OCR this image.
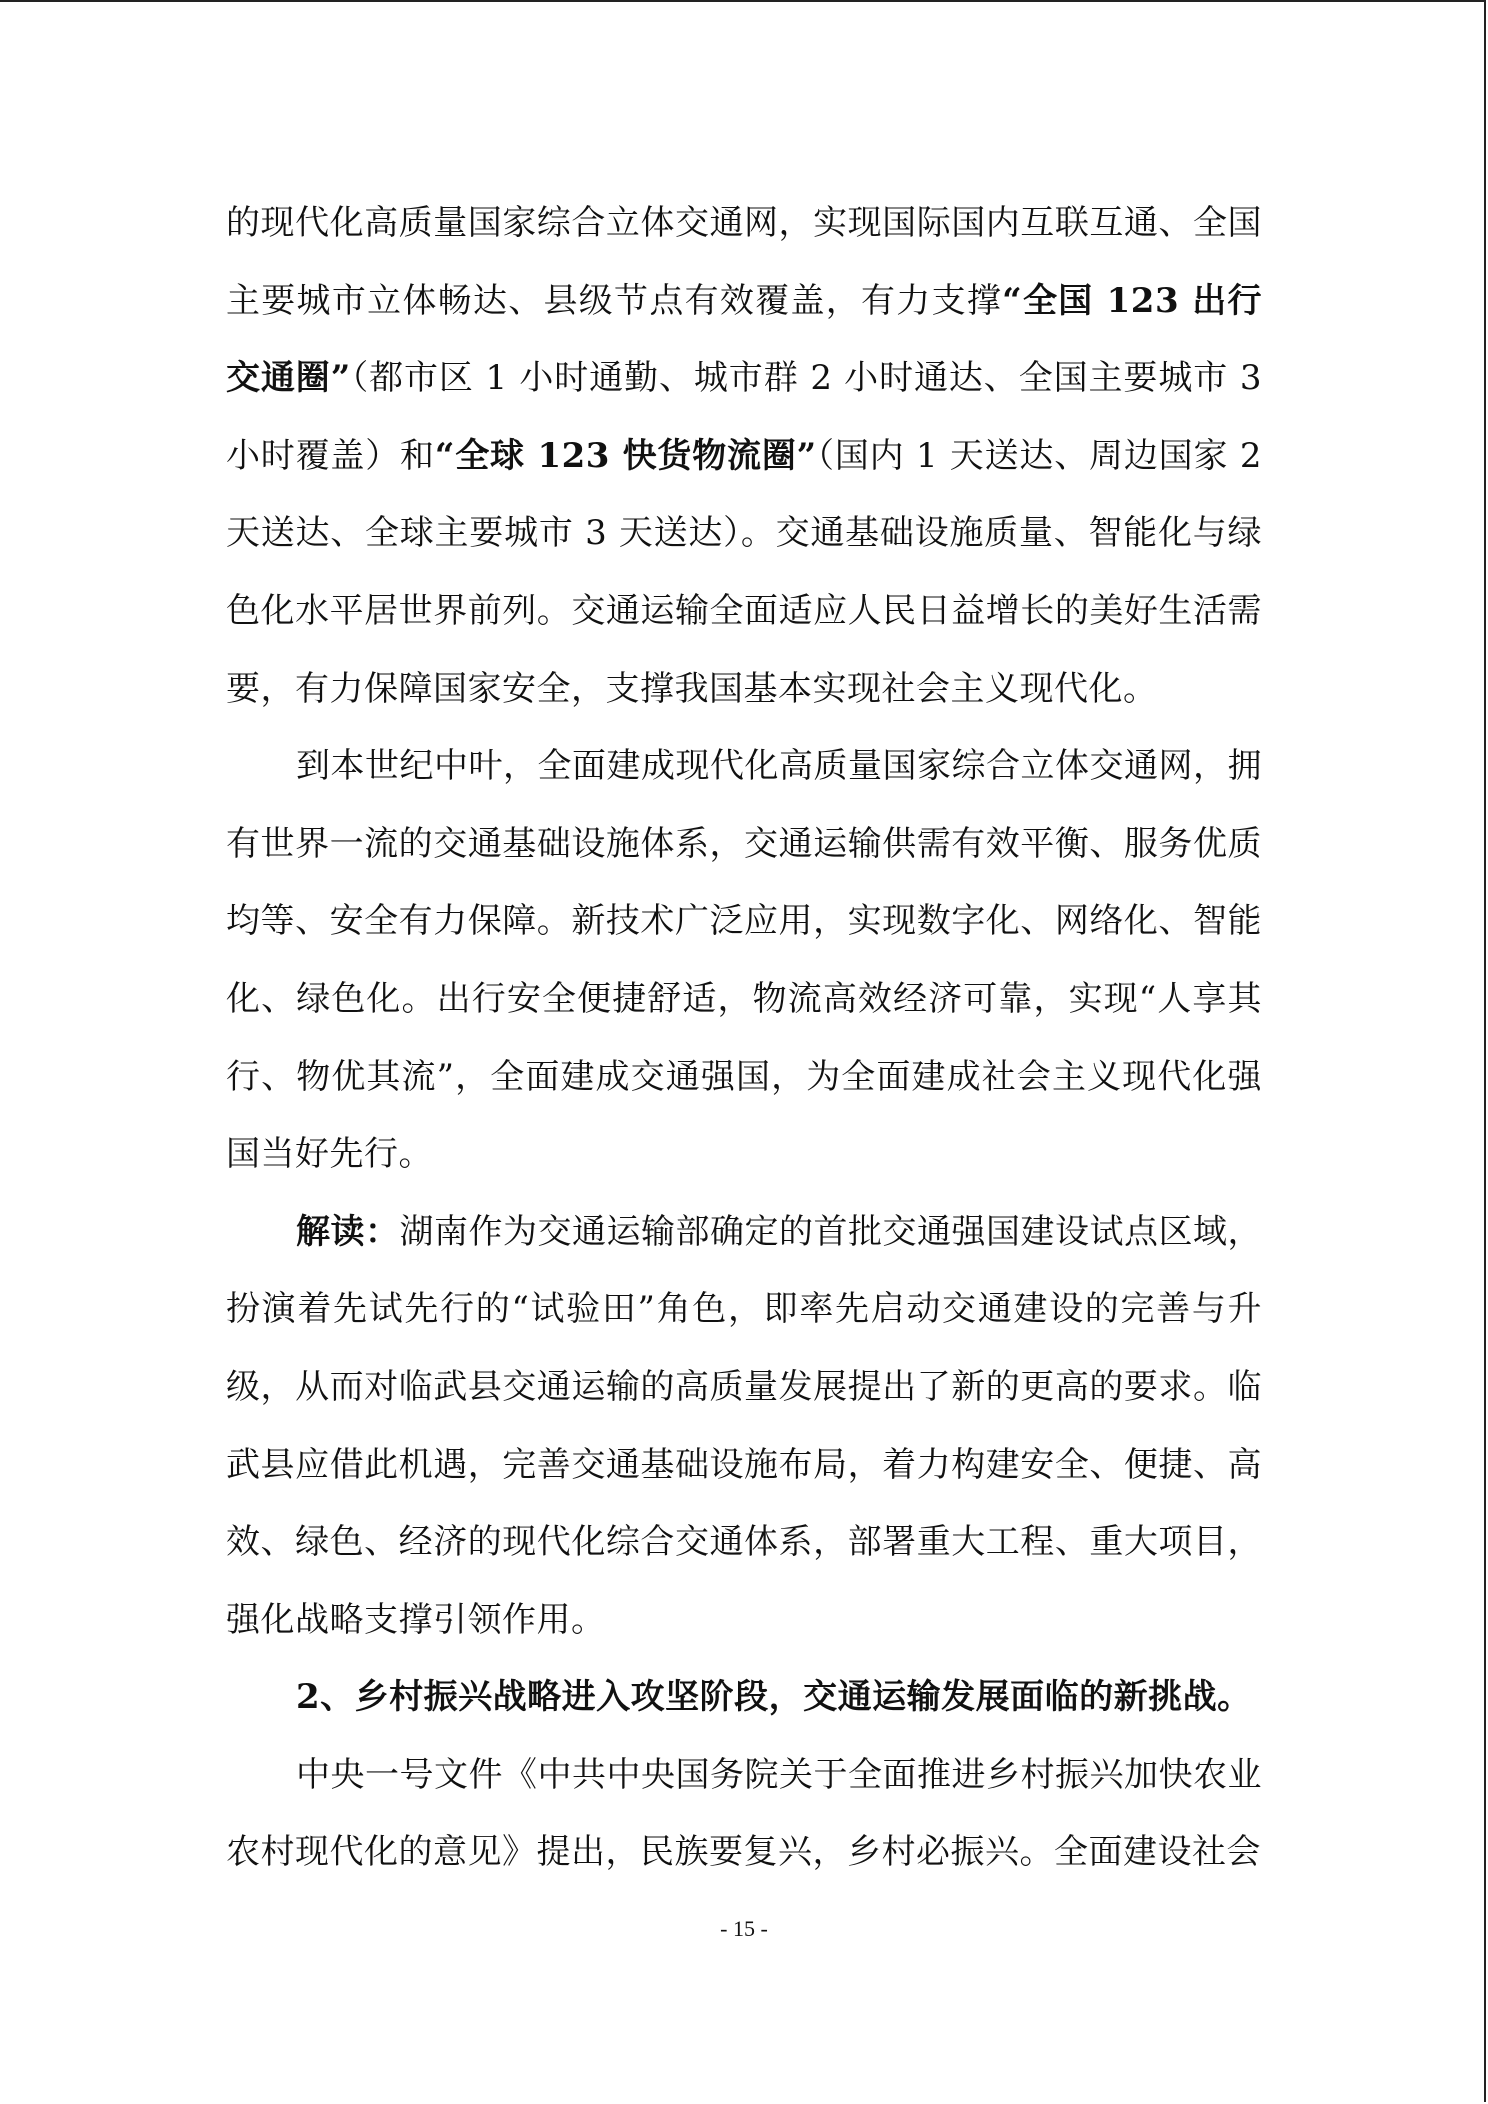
的现代化高质量国家综合立体交通网，实现国际国内互联互通、全国主要城市立体畅达、县级节点有效覆盖，有力支撑“全国 123 出行交通圈”（都市区 1 小时通勤、城市群 2 小时通达、全国主要城市 3 小时覆盖）和“全球 123 快货物流圈”（国内 1 天送达、周边国家 2 天送达、全球主要城市 3 天送达）。交通基础设施质量、智能化与绿色化水平居世界前列。交通运输全面适应人民日益增长的美好生活需要，有力保障国家安全，支撑我国基本实现社会主义现代化。

到本世纪中叶，全面建成现代化高质量国家综合立体交通网，拥有世界一流的交通基础设施体系，交通运输供需有效平衡、服务优质均等、安全有力保障。新技术广泛应用，实现数字化、网络化、智能化、绿色化。出行安全便捷舒适，物流高效经济可靠，实现“人享其行、物优其流”，全面建成交通强国，为全面建成社会主义现代化强国当好先行。

解读：湖南作为交通运输部确定的首批交通强国建设试点区域，扮演着先试先行的“试验田”角色，即率先启动交通建设的完善与升级，从而对临武县交通运输的高质量发展提出了新的更高的要求。临武县应借此机遇，完善交通基础设施布局，着力构建安全、便捷、高效、绿色、经济的现代化综合交通体系，部署重大工程、重大项目，强化战略支撑引领作用。

2、乡村振兴战略进入攻坚阶段，交通运输发展面临的新挑战。

中央一号文件《中共中央国务院关于全面推进乡村振兴加快农业农村现代化的意见》提出，民族要复兴，乡村必振兴。全面建设社会

- 15 -
